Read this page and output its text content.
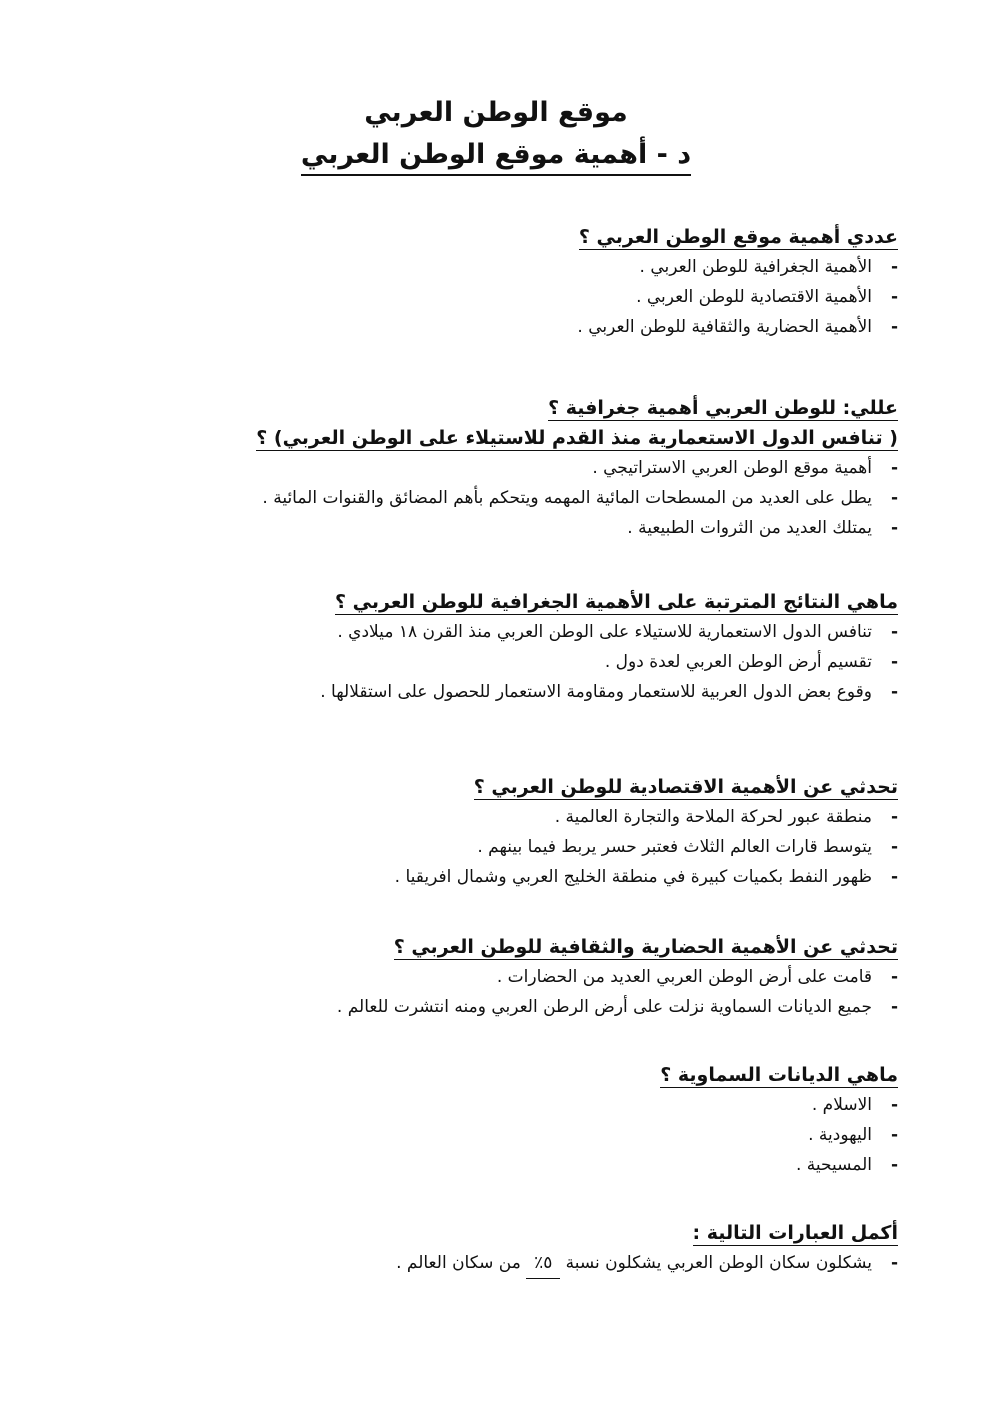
موقع الوطن العربي
د - أهمية موقع الوطن العربي
عددي أهمية موقع الوطن العربي ؟
- الأهمية الجغرافية للوطن العربي .
- الأهمية الاقتصادية للوطن العربي .
- الأهمية الحضارية والثقافية للوطن العربي .
عللي: للوطن العربي أهمية جغرافية ؟
( تنافس الدول الاستعمارية منذ القدم للاستيلاء على الوطن العربي) ؟
- أهمية موقع الوطن العربي الاستراتيجي .
- يطل على العديد من المسطحات المائية المهمه ويتحكم بأهم المضائق والقنوات المائية .
- يمتلك العديد من الثروات الطبيعية .
ماهي النتائج المترتبة على الأهمية الجغرافية للوطن العربي ؟
- تنافس الدول الاستعمارية للاستيلاء على الوطن العربي منذ القرن ١٨ ميلادي .
- تقسيم أرض الوطن العربي لعدة دول .
- وقوع بعض الدول العربية للاستعمار ومقاومة الاستعمار للحصول على استقلالها .
تحدثي عن الأهمية الاقتصادية للوطن العربي ؟
- منطقة عبور لحركة الملاحة والتجارة العالمية .
- يتوسط قارات العالم الثلاث فعتبر حسر يربط فيما بينهم .
- ظهور النفط بكميات كبيرة في منطقة الخليج العربي وشمال افريقيا .
تحدثي عن الأهمية الحضارية والثقافية للوطن العربي ؟
- قامت على أرض الوطن العربي العديد من الحضارات .
- جميع الديانات السماوية نزلت على أرض الرطن العربي ومنه انتشرت للعالم .
ماهي الديانات السماوية ؟
- الاسلام .
- اليهودية .
- المسيحية .
أكمل العبارات التالية :
- يشكلون سكان الوطن العربي يشكلون نسبة ٥٪ من سكان العالم .
